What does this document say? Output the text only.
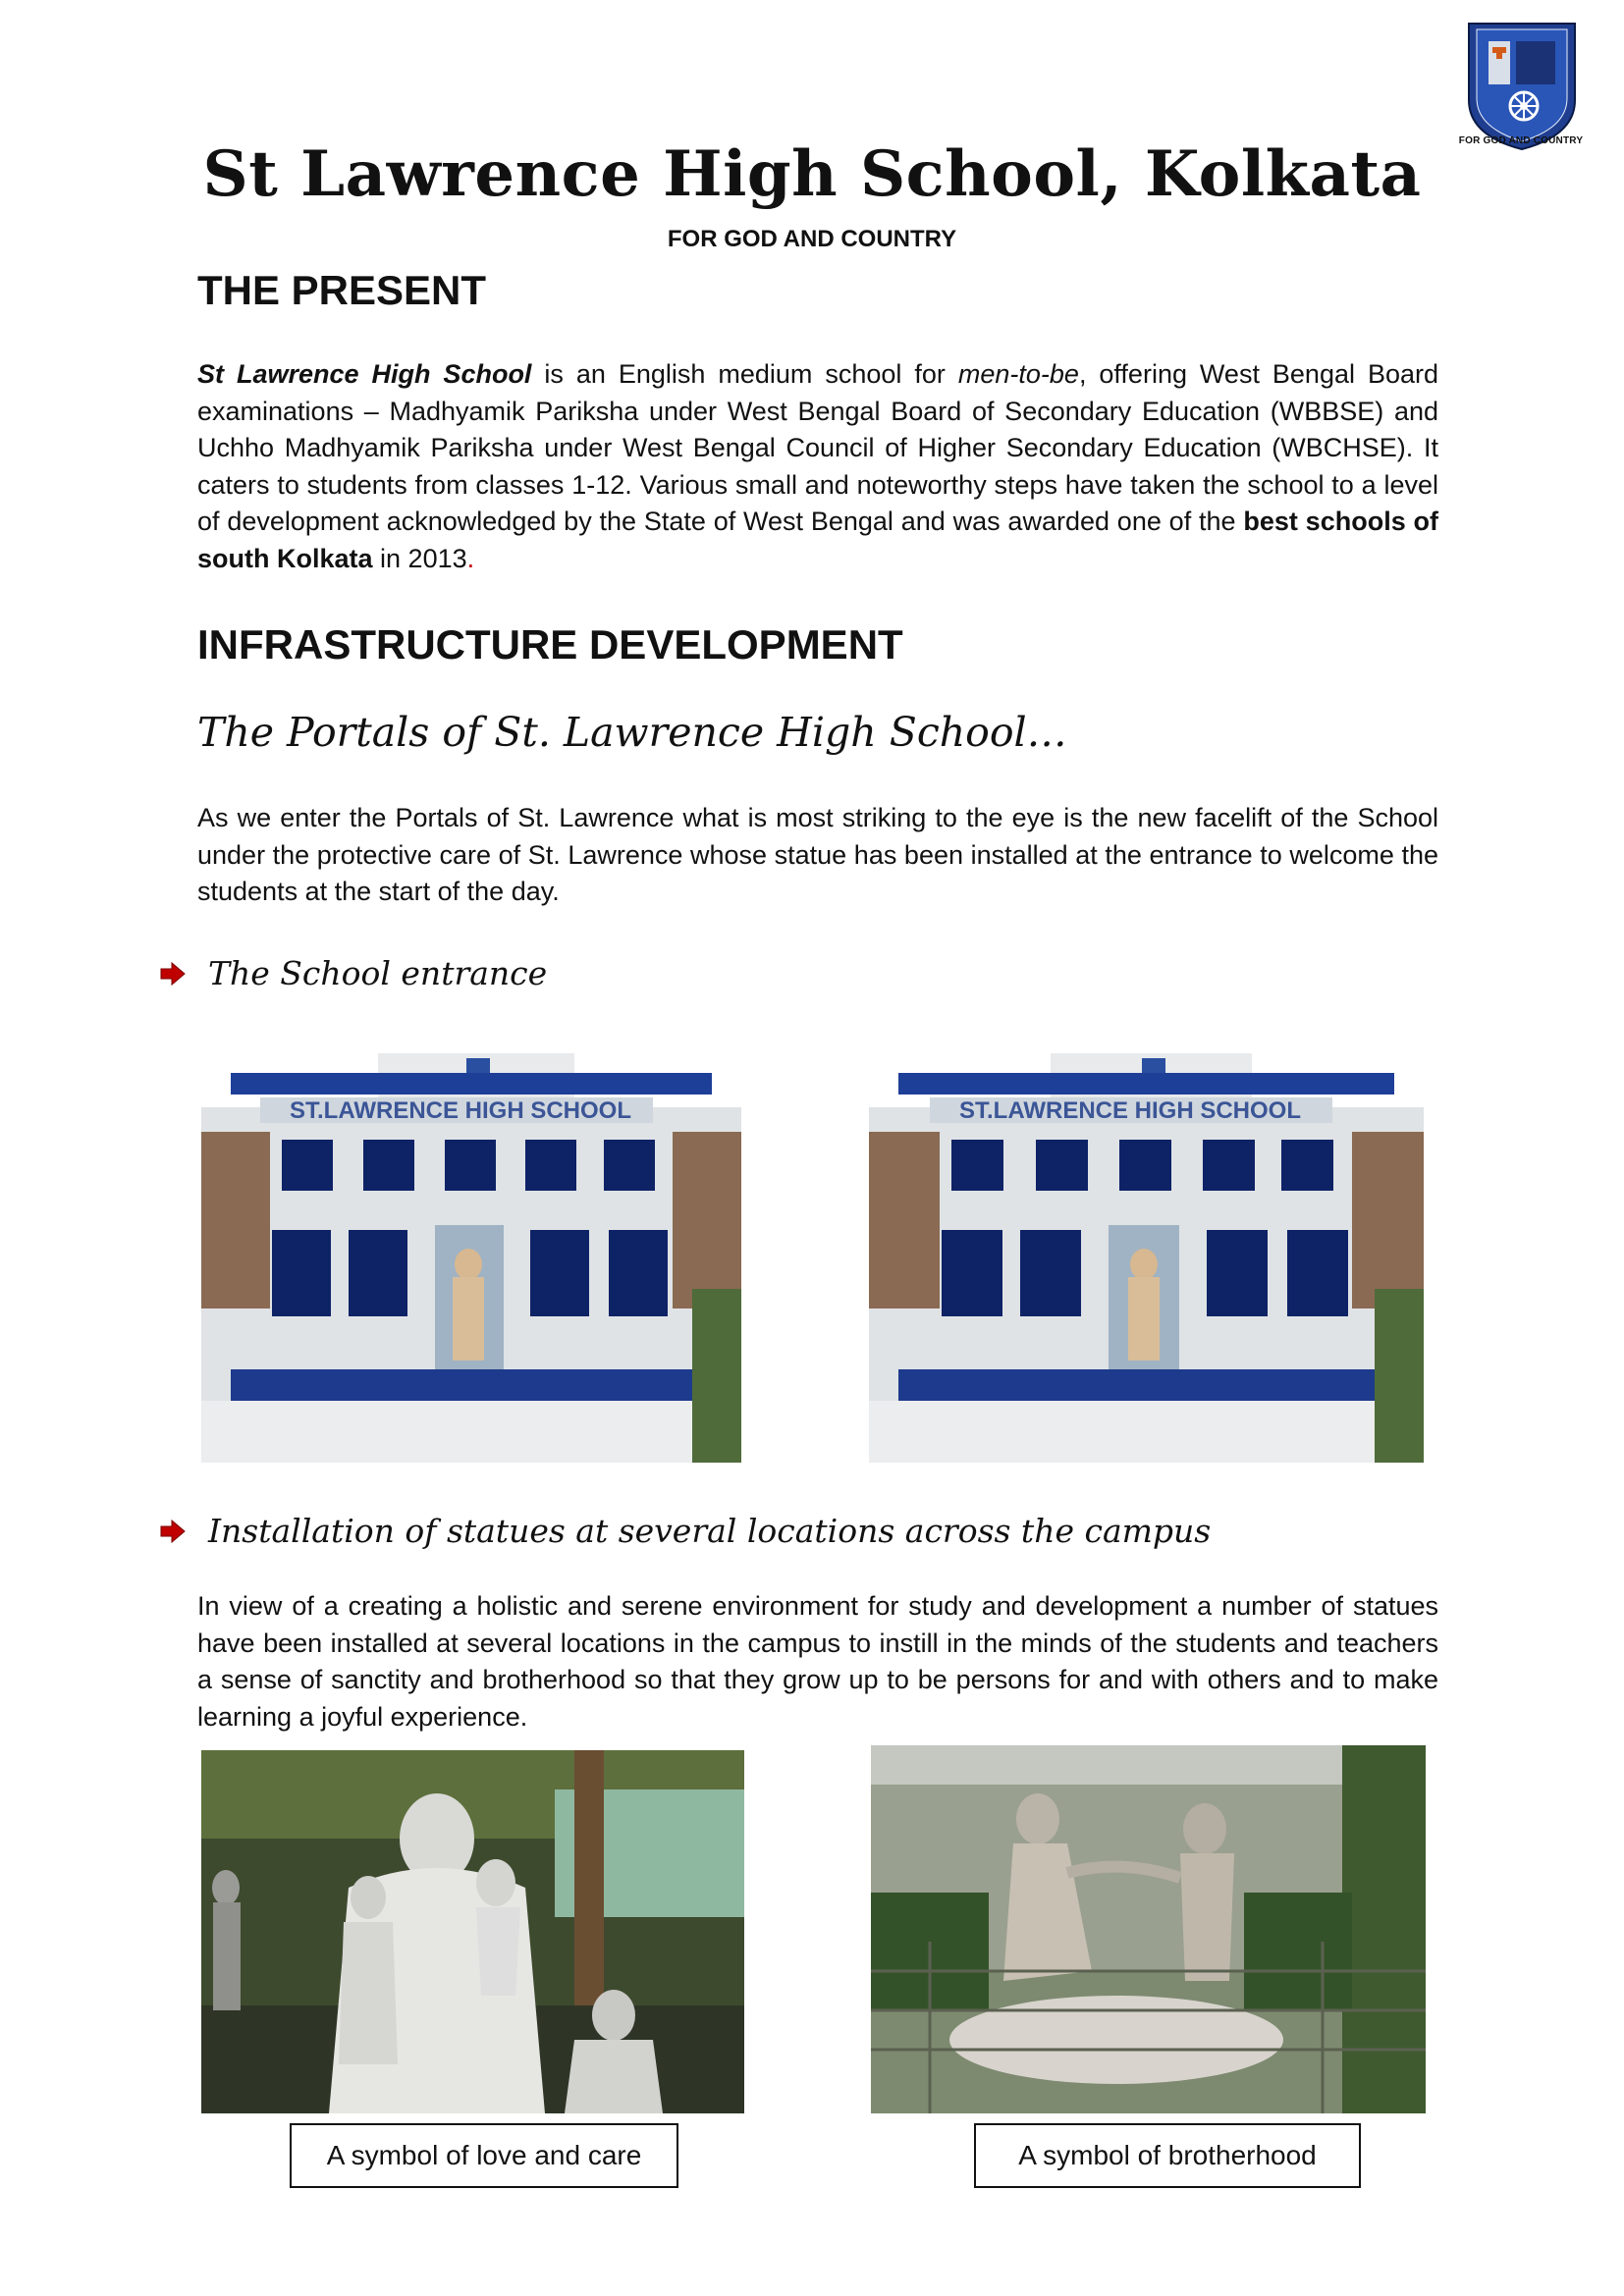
FOR GOD AND COUNTRY
St Lawrence High School, Kolkata
FOR GOD AND COUNTRY
THE PRESENT

St Lawrence High School is an English medium school for men-to-be, offering West Bengal Board examinations – Madhyamik Pariksha under West Bengal Board of Secondary Education (WBBSE) and Uchho Madhyamik Pariksha under West Bengal Council of Higher Secondary Education (WBCHSE). It caters to students from classes 1-12. Various small and noteworthy steps have taken the school to a level of development acknowledged by the State of West Bengal and was awarded one of the best schools of south Kolkata in 2013.

INFRASTRUCTURE DEVELOPMENT

The Portals of St. Lawrence High School…

As we enter the Portals of St. Lawrence what is most striking to the eye is the new facelift of the School under the protective care of St. Lawrence whose statue has been installed at the entrance to welcome the students at the start of the day.

The School entrance
ST.LAWRENCE HIGH SCHOOL	ST.LAWRENCE HIGH SCHOOL
Installation of statues at several locations across the campus

In view of a creating a holistic and serene environment for study and development a number of statues have been installed at several locations in the campus to instill in the minds of the students and teachers a sense of sanctity and brotherhood so that they grow up to be persons for and with others and to make learning a joyful experience.

A symbol of love and care	A symbol of brotherhood
